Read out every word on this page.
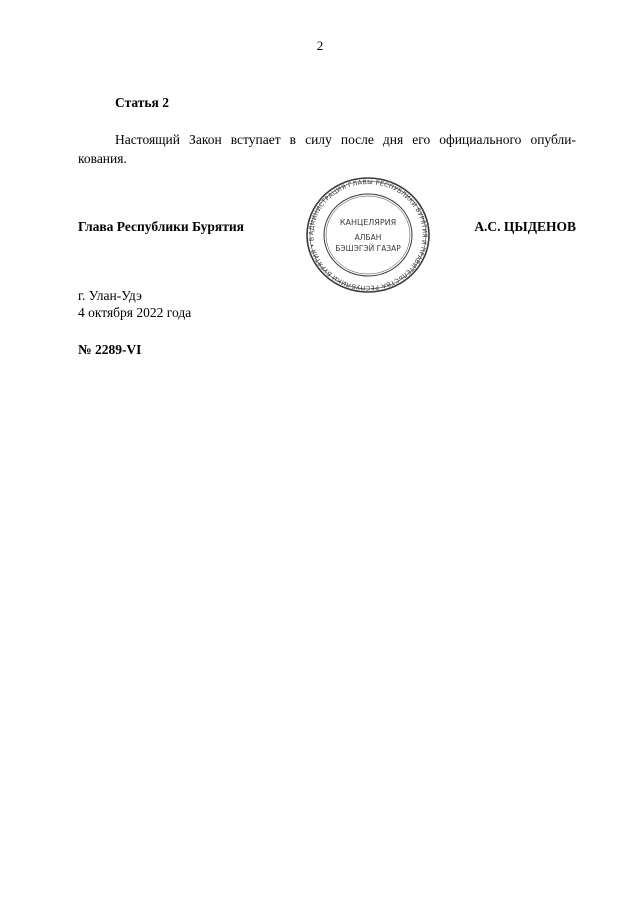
2
Статья 2
Настоящий Закон вступает в силу после дня его официального опубли-
кования.
Глава Республики Бурятия	АДМИНИСТРАЦИЯ ГЛАВЫ РЕСПУБЛИКИ БУРЯТИЯ И ПРАВИТЕЛЬСТВА РЕСПУБЛИКИ БУРЯТИЯ • Б
КАНЦЕЛЯРИЯ
АЛБАН
БЭШЭГЭЙ ГАЗАР
А.С. ЦЫДЕНОВ
г. Улан-Удэ
4 октября 2022 года
№ 2289-VI
